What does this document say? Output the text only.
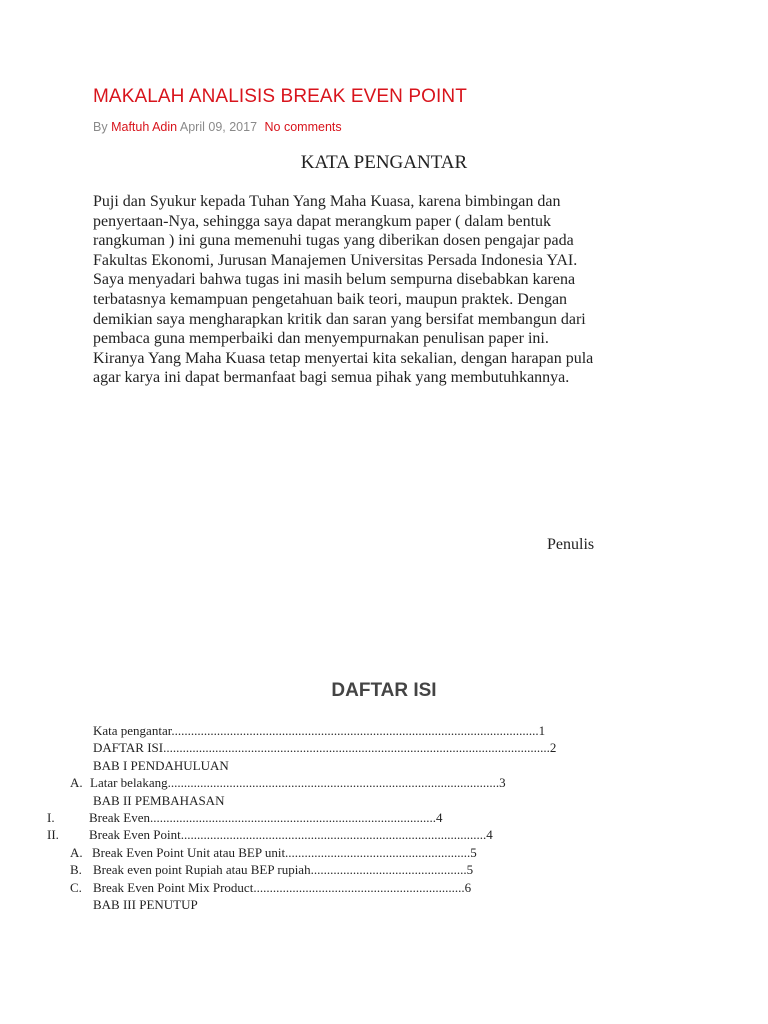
MAKALAH ANALISIS BREAK EVEN POINT
By Maftuh Adin April 09, 2017 No comments
KATA PENGANTAR

Puji dan Syukur kepada Tuhan Yang Maha Kuasa, karena bimbingan dan
penyertaan-Nya, sehingga saya dapat merangkum paper ( dalam bentuk
rangkuman ) ini guna memenuhi tugas yang diberikan dosen pengajar pada
Fakultas Ekonomi, Jurusan Manajemen Universitas Persada Indonesia YAI.
Saya menyadari bahwa tugas ini masih belum sempurna disebabkan karena
terbatasnya kemampuan pengetahuan baik teori, maupun praktek. Dengan
demikian saya mengharapkan kritik dan saran yang bersifat membangun dari
pembaca guna memperbaiki dan menyempurnakan penulisan paper ini.
Kiranya Yang Maha Kuasa tetap menyertai kita sekalian, dengan harapan pula
agar karya ini dapat bermanfaat bagi semua pihak yang membutuhkannya.

Penulis
DAFTAR ISI
Kata pengantar.................................................................................................................1
DAFTAR ISI.......................................................................................................................2
BAB I PENDAHULUAN
A. Latar belakang......................................................................................................3
BAB II PEMBAHASAN
I.	Break Even........................................................................................4
II. Break Even Point..............................................................................................4
A. Break Even Point Unit atau BEP unit.........................................................5
B. Break even point Rupiah atau BEP rupiah................................................5
C. Break Even Point Mix Product.................................................................6
BAB III PENUTUP
